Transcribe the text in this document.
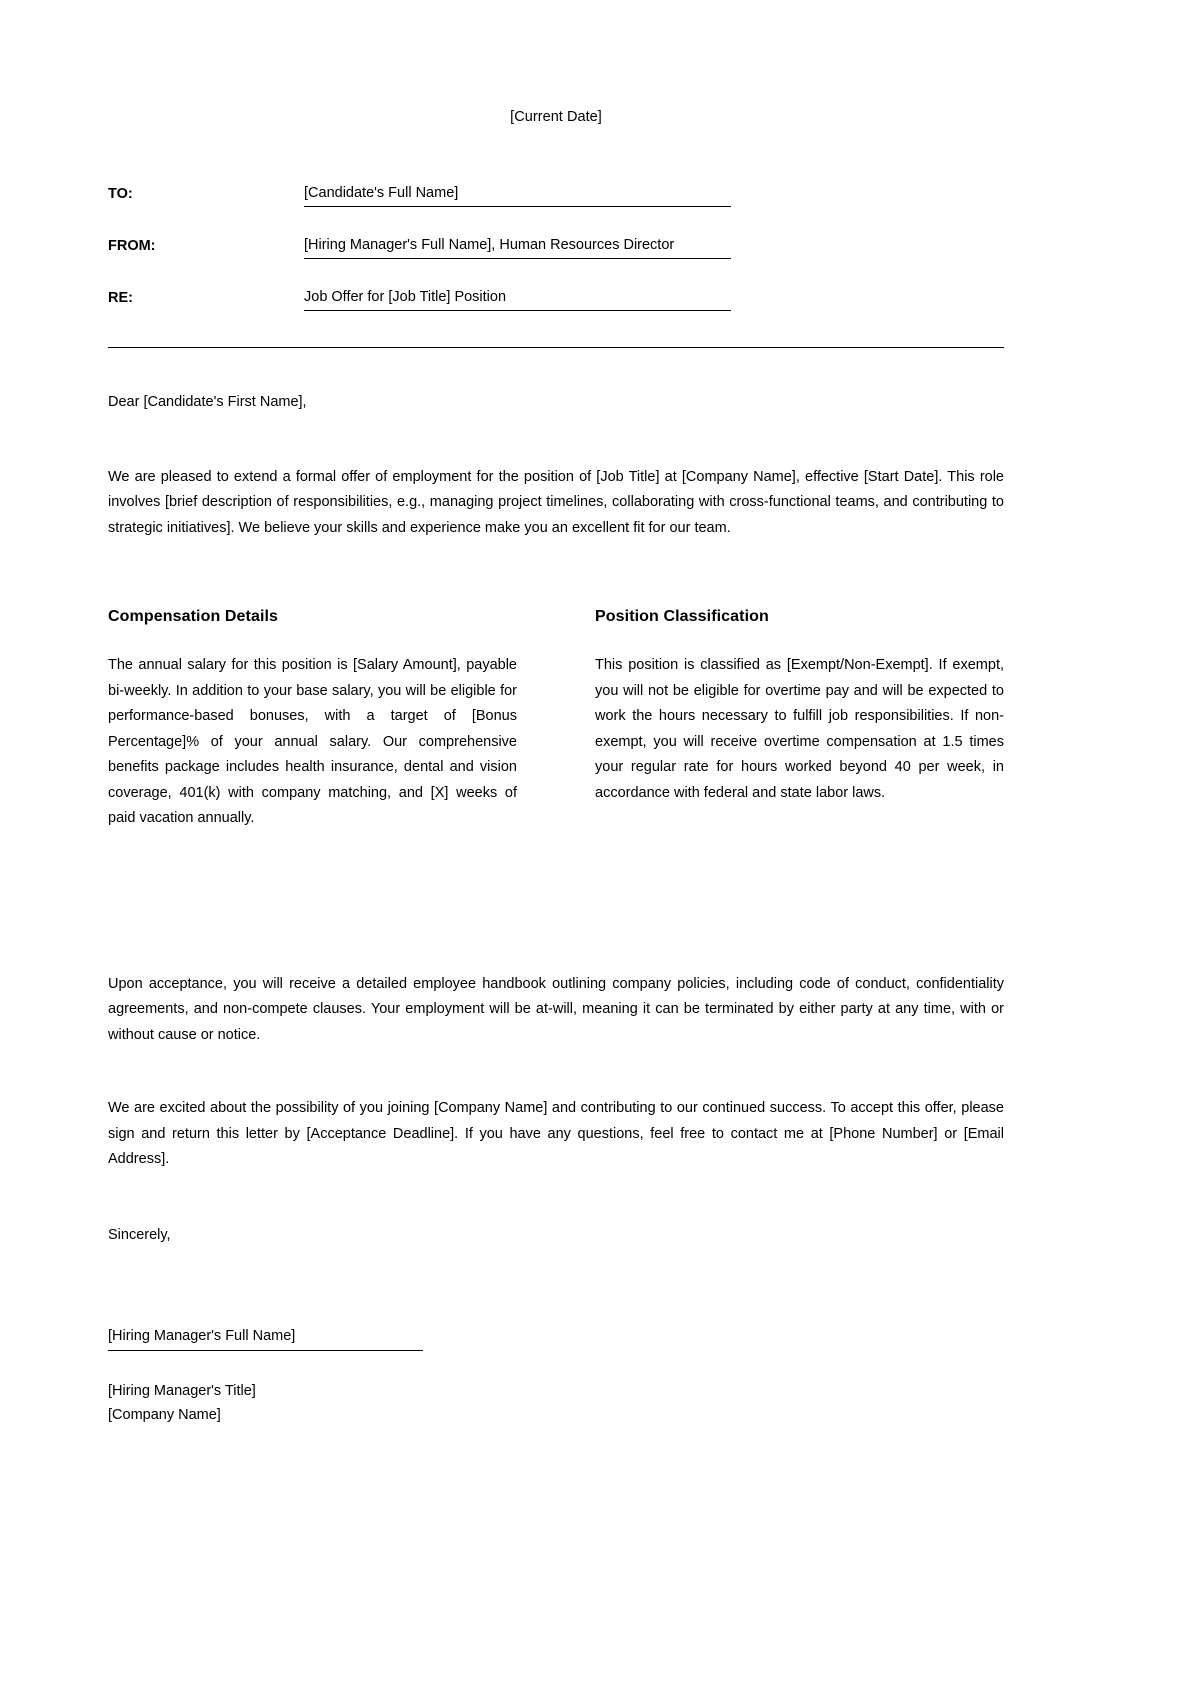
[Current Date]
TO:	[Candidate's Full Name]
FROM:	[Hiring Manager's Full Name], Human Resources Director
RE:	Job Offer for [Job Title] Position
Dear [Candidate's First Name],

We are pleased to extend a formal offer of employment for the position of [Job Title] at [Company Name], effective [Start Date]. This role involves [brief description of responsibilities, e.g., managing project timelines, collaborating with cross-functional teams, and contributing to strategic initiatives]. We believe your skills and experience make you an excellent fit for our team.

Compensation Details

The annual salary for this position is [Salary Amount], payable bi-weekly. In addition to your base salary, you will be eligible for performance-based bonuses, with a target of [Bonus Percentage]% of your annual salary. Our comprehensive benefits package includes health insurance, dental and vision coverage, 401(k) with company matching, and [X] weeks of paid vacation annually.

Position Classification

This position is classified as [Exempt/Non-Exempt]. If exempt, you will not be eligible for overtime pay and will be expected to work the hours necessary to fulfill job responsibilities. If non-exempt, you will receive overtime compensation at 1.5 times your regular rate for hours worked beyond 40 per week, in accordance with federal and state labor laws.

Upon acceptance, you will receive a detailed employee handbook outlining company policies, including code of conduct, confidentiality agreements, and non-compete clauses. Your employment will be at-will, meaning it can be terminated by either party at any time, with or without cause or notice.

We are excited about the possibility of you joining [Company Name] and contributing to our continued success. To accept this offer, please sign and return this letter by [Acceptance Deadline]. If you have any questions, feel free to contact me at [Phone Number] or [Email Address].

Sincerely,
[Hiring Manager's Full Name]
[Hiring Manager's Title]
[Company Name]
